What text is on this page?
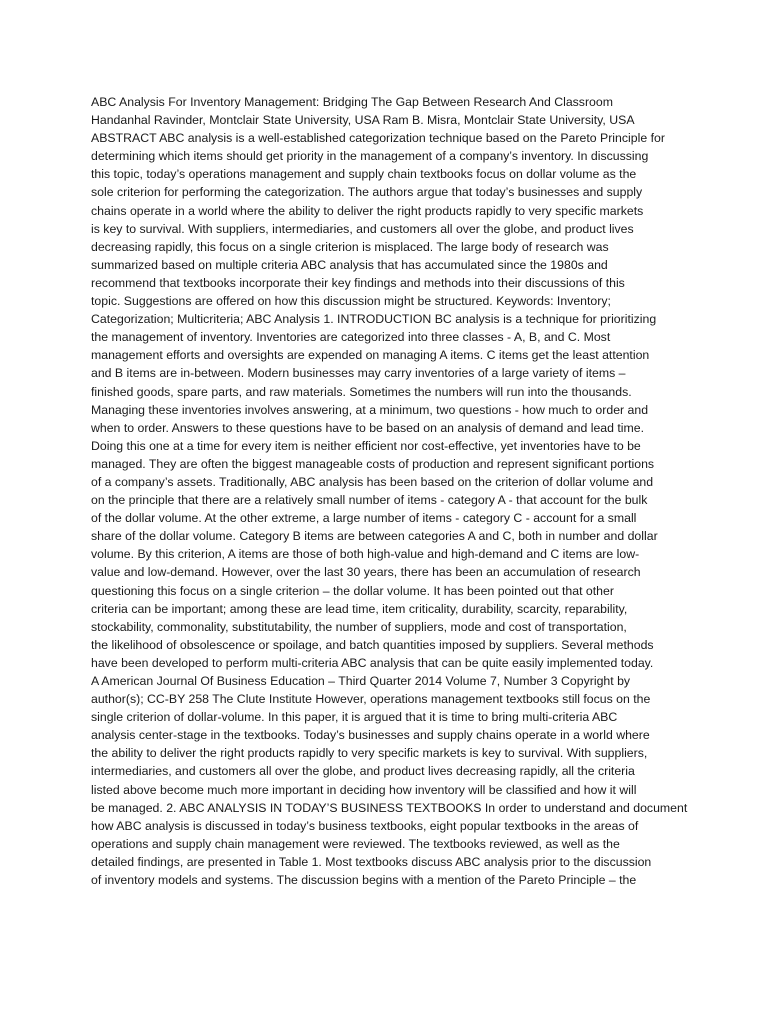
ABC Analysis For Inventory Management: Bridging The Gap Between Research And Classroom
Handanhal Ravinder, Montclair State University, USA Ram B. Misra, Montclair State University, USA
ABSTRACT ABC analysis is a well-established categorization technique based on the Pareto Principle for
determining which items should get priority in the management of a company’s inventory. In discussing
this topic, today’s operations management and supply chain textbooks focus on dollar volume as the
sole criterion for performing the categorization. The authors argue that today’s businesses and supply
chains operate in a world where the ability to deliver the right products rapidly to very specific markets
is key to survival. With suppliers, intermediaries, and customers all over the globe, and product lives
decreasing rapidly, this focus on a single criterion is misplaced. The large body of research was
summarized based on multiple criteria ABC analysis that has accumulated since the 1980s and
recommend that textbooks incorporate their key findings and methods into their discussions of this
topic. Suggestions are offered on how this discussion might be structured. Keywords: Inventory;
Categorization; Multicriteria; ABC Analysis 1. INTRODUCTION BC analysis is a technique for prioritizing
the management of inventory. Inventories are categorized into three classes - A, B, and C. Most
management efforts and oversights are expended on managing A items. C items get the least attention
and B items are in-between. Modern businesses may carry inventories of a large variety of items –
finished goods, spare parts, and raw materials. Sometimes the numbers will run into the thousands.
Managing these inventories involves answering, at a minimum, two questions - how much to order and
when to order. Answers to these questions have to be based on an analysis of demand and lead time.
Doing this one at a time for every item is neither efficient nor cost-effective, yet inventories have to be
managed. They are often the biggest manageable costs of production and represent significant portions
of a company’s assets. Traditionally, ABC analysis has been based on the criterion of dollar volume and
on the principle that there are a relatively small number of items - category A - that account for the bulk
of the dollar volume. At the other extreme, a large number of items - category C - account for a small
share of the dollar volume. Category B items are between categories A and C, both in number and dollar
volume. By this criterion, A items are those of both high-value and high-demand and C items are low-
value and low-demand. However, over the last 30 years, there has been an accumulation of research
questioning this focus on a single criterion – the dollar volume. It has been pointed out that other
criteria can be important; among these are lead time, item criticality, durability, scarcity, reparability,
stockability, commonality, substitutability, the number of suppliers, mode and cost of transportation,
the likelihood of obsolescence or spoilage, and batch quantities imposed by suppliers. Several methods
have been developed to perform multi-criteria ABC analysis that can be quite easily implemented today.
A American Journal Of Business Education – Third Quarter 2014 Volume 7, Number 3 Copyright by
author(s); CC-BY 258 The Clute Institute However, operations management textbooks still focus on the
single criterion of dollar-volume. In this paper, it is argued that it is time to bring multi-criteria ABC
analysis center-stage in the textbooks. Today’s businesses and supply chains operate in a world where
the ability to deliver the right products rapidly to very specific markets is key to survival. With suppliers,
intermediaries, and customers all over the globe, and product lives decreasing rapidly, all the criteria
listed above become much more important in deciding how inventory will be classified and how it will
be managed. 2. ABC ANALYSIS IN TODAY’S BUSINESS TEXTBOOKS In order to understand and document
how ABC analysis is discussed in today’s business textbooks, eight popular textbooks in the areas of
operations and supply chain management were reviewed. The textbooks reviewed, as well as the
detailed findings, are presented in Table 1. Most textbooks discuss ABC analysis prior to the discussion
of inventory models and systems. The discussion begins with a mention of the Pareto Principle – the
